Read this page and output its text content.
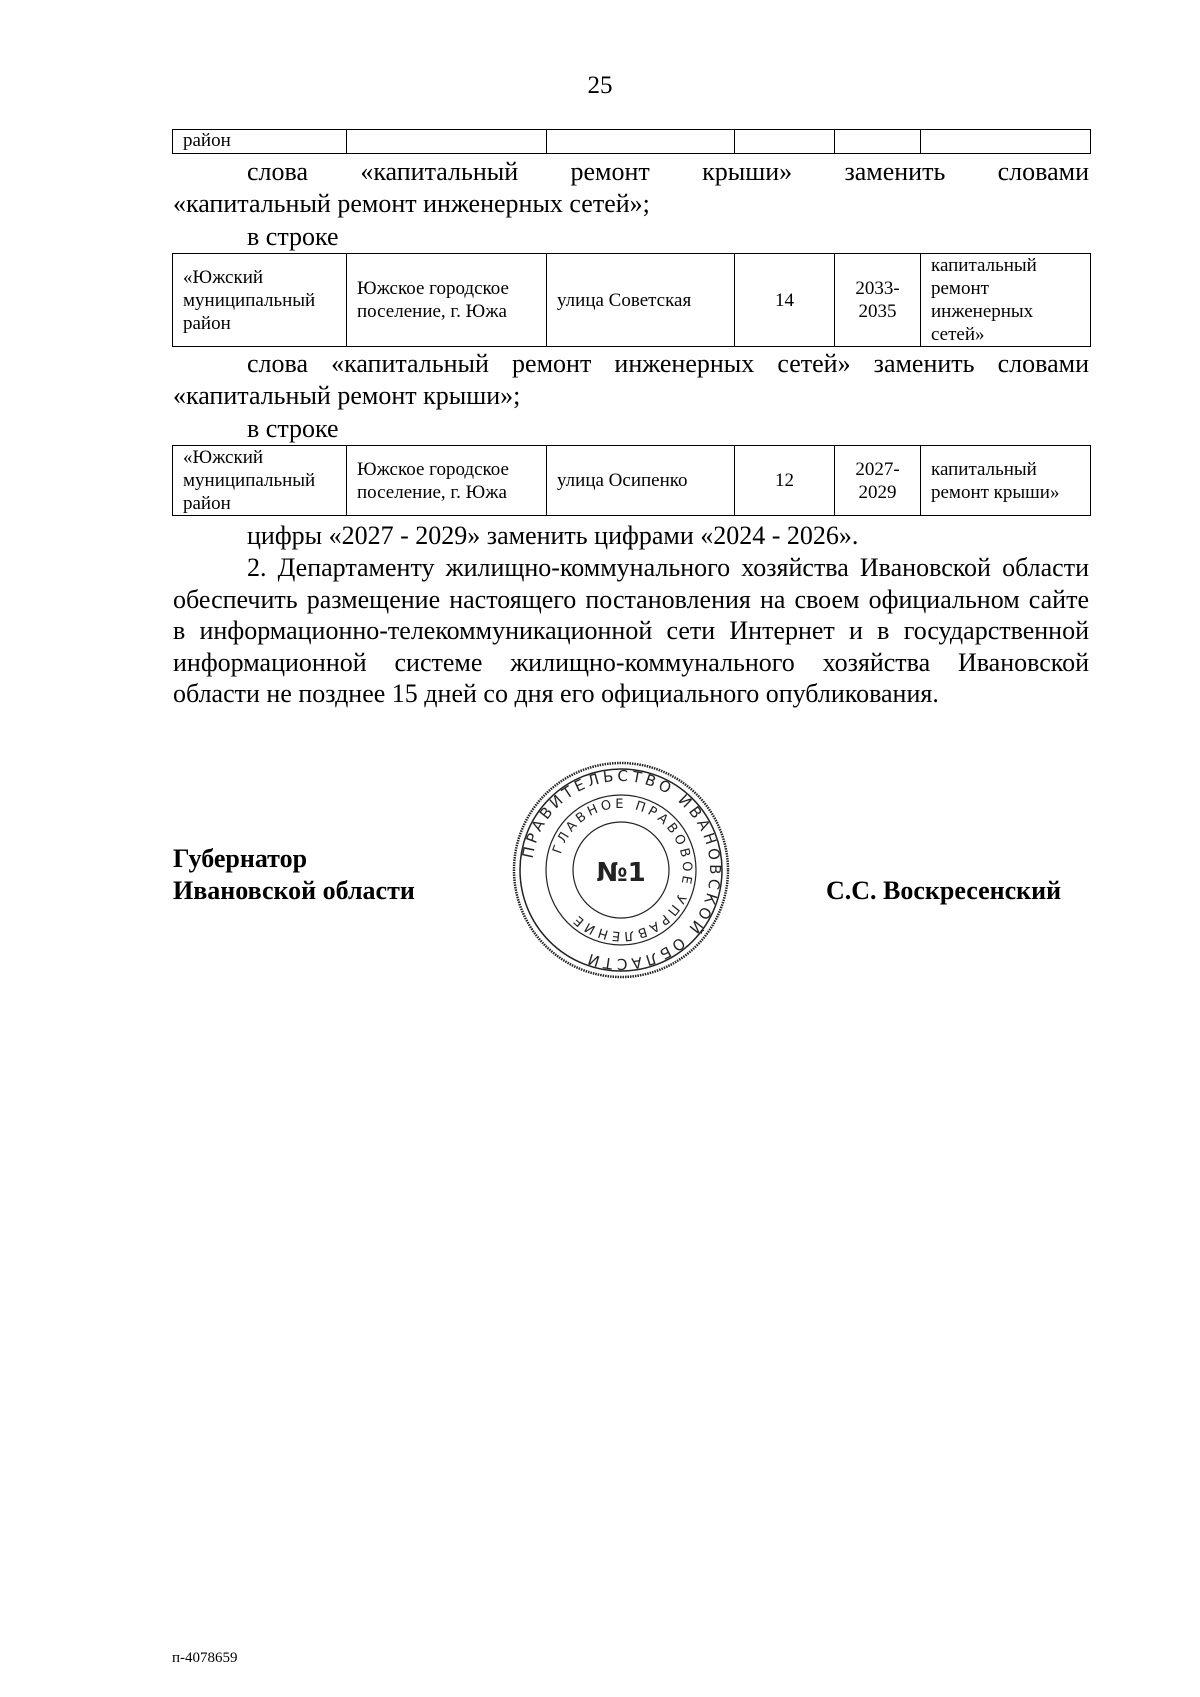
25
район					
слова «капитальный ремонт крыши» заменить словами
«капитальный ремонт инженерных сетей»;
в строке
«Южский муниципальный район	Южское городское поселение, г. Южа	улица Советская	14	2033-2035	капитальный ремонт инженерных сетей»
слова «капитальный ремонт инженерных сетей» заменить словами
«капитальный ремонт крыши»;
в строке
«Южский муниципальный район	Южское городское поселение, г. Южа	улица Осипенко	12	2027-2029	капитальный ремонт крыши»
цифры «2027 - 2029» заменить цифрами «2024 - 2026».
2. Департаменту жилищно-коммунального хозяйства Ивановской области обеспечить размещение настоящего постановления на своем официальном сайте в информационно-телекоммуникационной сети Интернет и в государственной информационной системе жилищно-коммунального хозяйства Ивановской области не позднее 15 дней со дня его официального опубликования.
Губернатор
Ивановской области	С.С. Воскресенский
ПРАВИТЕЛЬСТВО ИВАНОВСКОЙ ОБЛАСТИ
ГЛАВНОЕ ПРАВОВОЕ УПРАВЛЕНИЕ
№1
п-4078659
